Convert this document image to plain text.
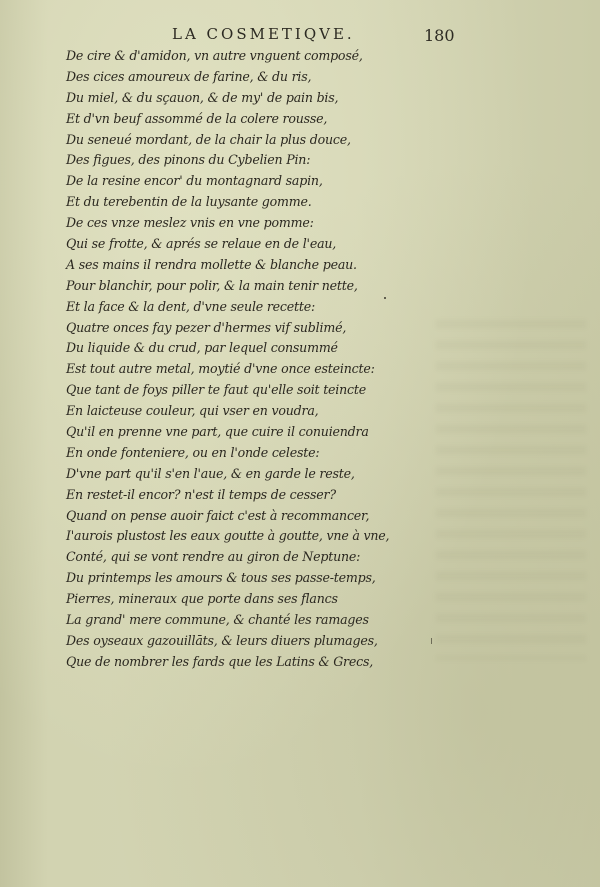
LA COSMETIQVE.	180
De cire & d'amidon, vn autre vnguent composé,
Des cices amoureux de farine, & du ris,
Du miel, & du sçauon, & de my' de pain bis,
Et d'vn beuf assommé de la colere rousse,
Du seneué mordant, de la chair la plus douce,
Des figues, des pinons du Cybelien Pin:
De la resine encor' du montagnard sapin,
Et du terebentin de la luysante gomme.
De ces vnze meslez vnis en vne pomme:
Qui se frotte, & aprés se relaue en de l'eau,
A ses mains il rendra mollette & blanche peau.
Pour blanchir, pour polir, & la main tenir nette,
Et la face & la dent, d'vne seule recette:
Quatre onces fay pezer d'hermes vif sublimé,
Du liquide & du crud, par lequel consummé
Est tout autre metal, moytié d'vne once esteincte:
Que tant de foys piller te faut qu'elle soit teincte
En laicteuse couleur, qui vser en voudra,
Qu'il en prenne vne part, que cuire il conuiendra
En onde fonteniere, ou en l'onde celeste:
D'vne part qu'il s'en l'aue, & en garde le reste,
En restet-il encor? n'est il temps de cesser?
Quand on pense auoir faict c'est à recommancer,
I'aurois plustost les eaux goutte à goutte, vne à vne,
Conté, qui se vont rendre au giron de Neptune:
Du printemps les amours & tous ses passe-temps,
Pierres, mineraux que porte dans ses flancs
La grand' mere commune, & chanté les ramages
Des oyseaux gazouillāts, & leurs diuers plumages,
Que de nombrer les fards que les Latins & Grecs,
